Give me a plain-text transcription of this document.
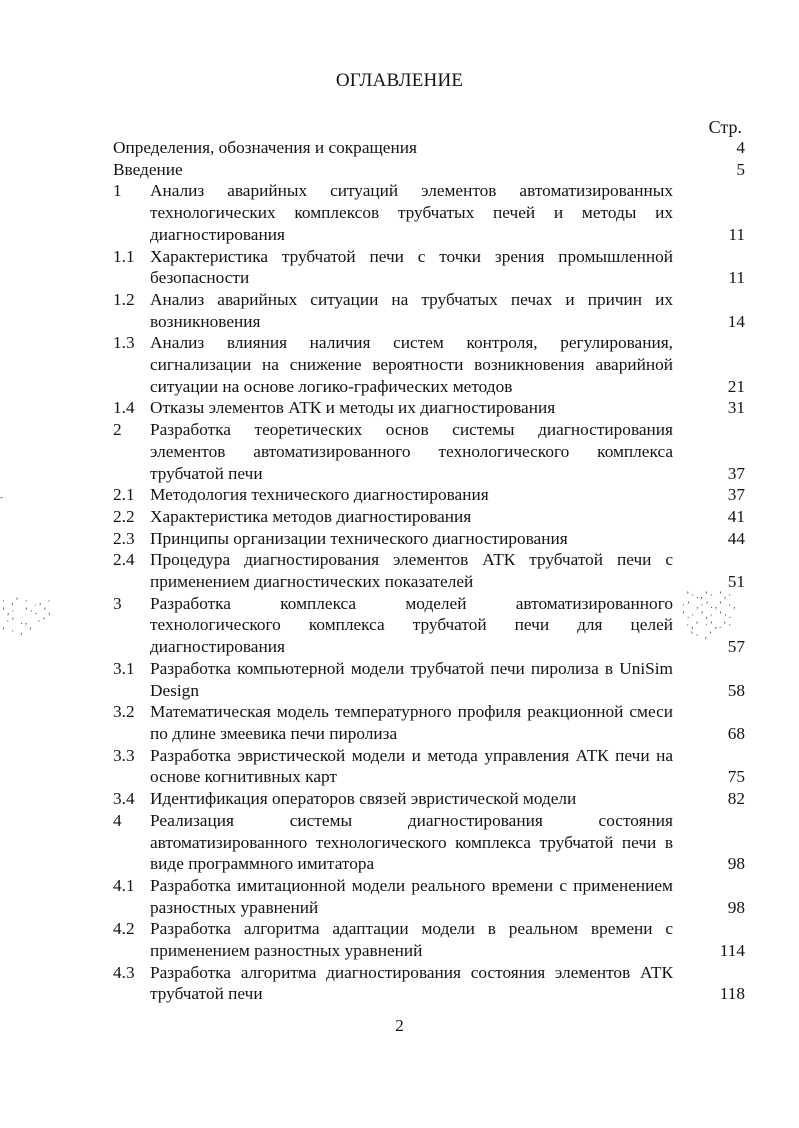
ОГЛАВЛЕНИЕ
Стр.
Определения, обозначения и сокращения	4
Введение	5
1	Анализ аварийных ситуаций элементов автоматизированных технологических комплексов трубчатых печей и методы их диагностирования	11
1.1 Характеристика трубчатой печи с точки зрения промышленной безопасности	11
1.2 Анализ аварийных ситуации на трубчатых печах и причин их возникновения	14
1.3 Анализ влияния наличия систем контроля, регулирования, сигнализации на снижение вероятности возникновения аварийной ситуации на основе логико-графических методов	21
1.4 Отказы элементов АТК и методы их диагностирования	31
2	Разработка теоретических основ системы диагностирования элементов автоматизированного технологического комплекса трубчатой печи	37
2.1 Методология технического диагностирования	37
2.2 Характеристика методов диагностирования	41
2.3 Принципы организации технического диагностирования	44
2.4 Процедура диагностирования элементов АТК трубчатой печи с применением диагностических показателей	51
3	Разработка комплекса моделей автоматизированного технологического комплекса трубчатой печи для целей диагностирования	57
3.1 Разработка компьютерной модели трубчатой печи пиролиза в UniSim Design	58
3.2 Математическая модель температурного профиля реакционной смеси по длине змеевика печи пиролиза	68
3.3 Разработка эвристической модели и метода управления АТК печи на основе когнитивных карт	75
3.4 Идентификация операторов связей эвристической модели	82
4	Реализация системы диагностирования состояния автоматизированного технологического комплекса трубчатой печи в виде программного имитатора	98
4.1 Разработка имитационной модели реального времени с применением разностных уравнений	98
4.2 Разработка алгоритма адаптации модели в реальном времени с применением разностных уравнений	114
4.3 Разработка алгоритма диагностирования состояния элементов АТК трубчатой печи	118
2
· ,ʼ · ˌ, ·
ʼ,·  ʼ·. ʼ,
·ʼ .,  ·ʼ
ʼ · , ʼ
ʼ·.,ʼ· ʼ,·
·ʼ ,·ʼ.,ʼ ·,
ʼ.· ʼ,· ʼ·.
·,ʼ ·ʼ,.ʼ·
ʼ· ,ʼ
-
